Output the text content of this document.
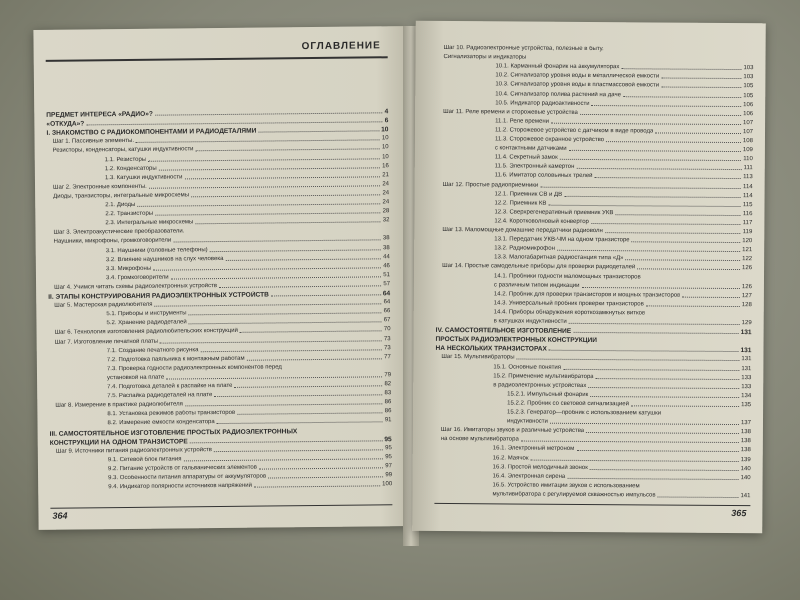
ОГЛАВЛЕНИЕ
ПРЕДМЕТ ИНТЕРЕСА «РАДИО»?	4
«ОТКУДА»?	6
I. ЗНАКОМСТВО С РАДИОКОМПОНЕНТАМИ И РАДИОДЕТАЛЯМИ	10
Шаг 1. Пассивные элементы.	10
Резисторы, конденсаторы, катушки индуктивности	10
1.1. Резисторы	10
1.2. Конденсаторы	16
1.3. Катушки индуктивности	21
Шаг 2. Электронные компоненты.	24
Диоды, транзисторы, интегральные микросхемы	24
2.1. Диоды	24
2.2. Транзисторы	28
2.3. Интегральные микросхемы	32
Шаг 3. Электроакустические преобразователи.
Наушники, микрофоны, громкоговорители	38
3.1. Наушники (головные телефоны)	38
3.2. Влияние наушников на слух человека	44
3.3. Микрофоны	46
3.4. Громкоговорители	51
Шаг 4. Учимся читать схемы радиоэлектронных устройств	57
II. ЭТАПЫ КОНСТРУИРОВАНИЯ РАДИОЭЛЕКТРОННЫХ УСТРОЙСТВ	64
Шаг 5. Мастерская радиолюбителя	64
5.1. Приборы и инструменты	66
5.2. Хранение радиодеталей	67
Шаг 6. Технология изготовления радиолюбительских конструкций	70
Шаг 7. Изготовление печатной платы	73
7.1. Создание печатного рисунка	73
7.2. Подготовка паяльника к монтажным работам	77
7.3. Проверка годности радиоэлектронных компонентов перед
установкой на плате	79
7.4. Подготовка деталей к распайке на плате	82
7.5. Распайка радиодеталей на плате	83
Шаг 8. Измерение в практике радиолюбителя	86
8.1. Установка режимов работы транзисторов	86
8.2. Измерение емкости конденсатора	91
III. САМОСТОЯТЕЛЬНОЕ ИЗГОТОВЛЕНИЕ ПРОСТЫХ РАДИОЭЛЕКТРОННЫХ
КОНСТРУКЦИЙ НА ОДНОМ ТРАНЗИСТОРЕ	95
Шаг 9. Источники питания радиоэлектронных устройств	95
9.1. Сетевой блок питания	95
9.2. Питание устройств от гальванических элементов	97
9.3. Особенности питания аппаратуры от аккумуляторов	99
9.4. Индикатор полярности источников напряжений	100
364
Шаг 10. Радиоэлектронные устройства, полезные в быту.
Сигнализаторы и индикаторы
10.1. Карманный фонарик на аккумуляторах	103
10.2. Сигнализатор уровня воды в металлической емкости	103
10.3. Сигнализатор уровня воды в пластмассовой емкости	105
10.4. Сигнализатор полива растений на даче	105
10.5. Индикатор радиоактивности	106
Шаг 11. Реле времени и сторожевые устройства	106
11.1. Реле времени	107
11.2. Сторожевое устройство с датчиком в виде провода	107
11.3. Сторожевое охранное устройство	108
с контактными датчиками	109
11.4. Секретный замок	110
11.5. Электронный камертон	111
11.6. Имитатор соловьиных трелей	113
Шаг 12. Простые радиоприемники	114
12.1. Приемник СВ и ДВ	114
12.2. Приемник КВ	115
12.3. Сверхрегенеративный приемник УКВ	116
12.4. Коротковолновый конвертор	117
Шаг 13. Маломощные домашние передатчики радиоволн	119
13.1. Передатчик УКВ-ЧМ на одном транзисторе	120
13.2. Радиомикрофон	121
13.3. Малогабаритная радиостанция типа «Д»	122
Шаг 14. Простые самодельные приборы для проверки радиодеталей	126
14.1. Пробники годности маломощных транзисторов
с различным типом индикации	126
14.2. Пробник для проверки транзисторов и мощных транзисторов	127
14.3. Универсальный пробник проверки транзисторов	128
14.4. Приборы обнаружения короткозамкнутых витков
в катушках индуктивности	129
IV. САМОСТОЯТЕЛЬНОЕ ИЗГОТОВЛЕНИЕ	131
ПРОСТЫХ РАДИОЭЛЕКТРОННЫХ КОНСТРУКЦИЙ
НА НЕСКОЛЬКИХ ТРАНЗИСТОРАХ	131
Шаг 15. Мультивибраторы	131
15.1. Основные понятия	131
15.2. Применение мультивибратора	133
в радиоэлектронных устройствах	133
15.2.1. Импульсный фонарик	134
15.2.2. Пробник со световой сигнализацией	135
15.2.3. Генератор—пробник с использованием катушки
индуктивности	137
Шаг 16. Имитаторы звуков и различные устройства	138
на основе мультивибратора	138
16.1. Электронный метроном	138
16.2. Маячок	139
16.3. Простой мелодичный звонок	140
16.4. Электронная сирена	140
16.5. Устройство имитации звуков с использованием
мультивибратора с регулируемой скважностью импульсов	141
365
